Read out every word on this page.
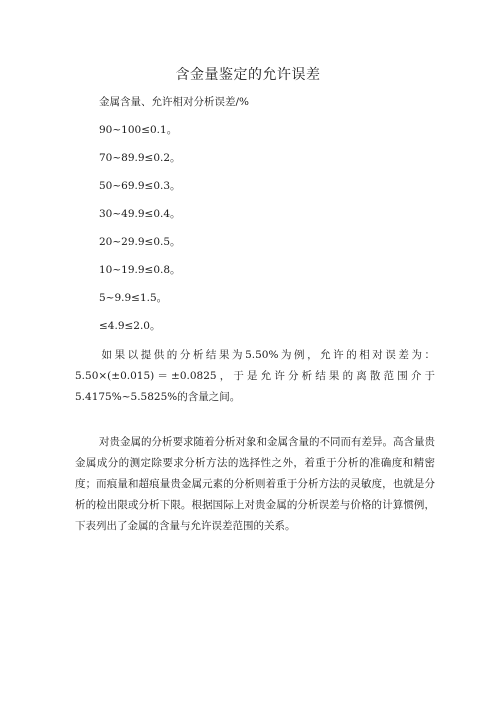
含金量鉴定的允许误差
金属含量、允许相对分析误差/%
90~100≤0.1。
70~89.9≤0.2。
50~69.9≤0.3。
30~49.9≤0.4。
20~29.9≤0.5。
10~19.9≤0.8。
5~9.9≤1.5。
≤4.9≤2.0。
如果以提供的分析结果为5.50%为例，允许的相对误差为：5.50×(±0.015)＝±0.0825，于是允许分析结果的离散范围介于5.4175%~5.5825%的含量之间。
对贵金属的分析要求随着分析对象和金属含量的不同而有差异。高含量贵金属成分的测定除要求分析方法的选择性之外，着重于分析的准确度和精密度；而痕量和超痕量贵金属元素的分析则着重于分析方法的灵敏度，也就是分析的检出限或分析下限。根据国际上对贵金属的分析误差与价格的计算惯例，下表列出了金属的含量与允许误差范围的关系。
